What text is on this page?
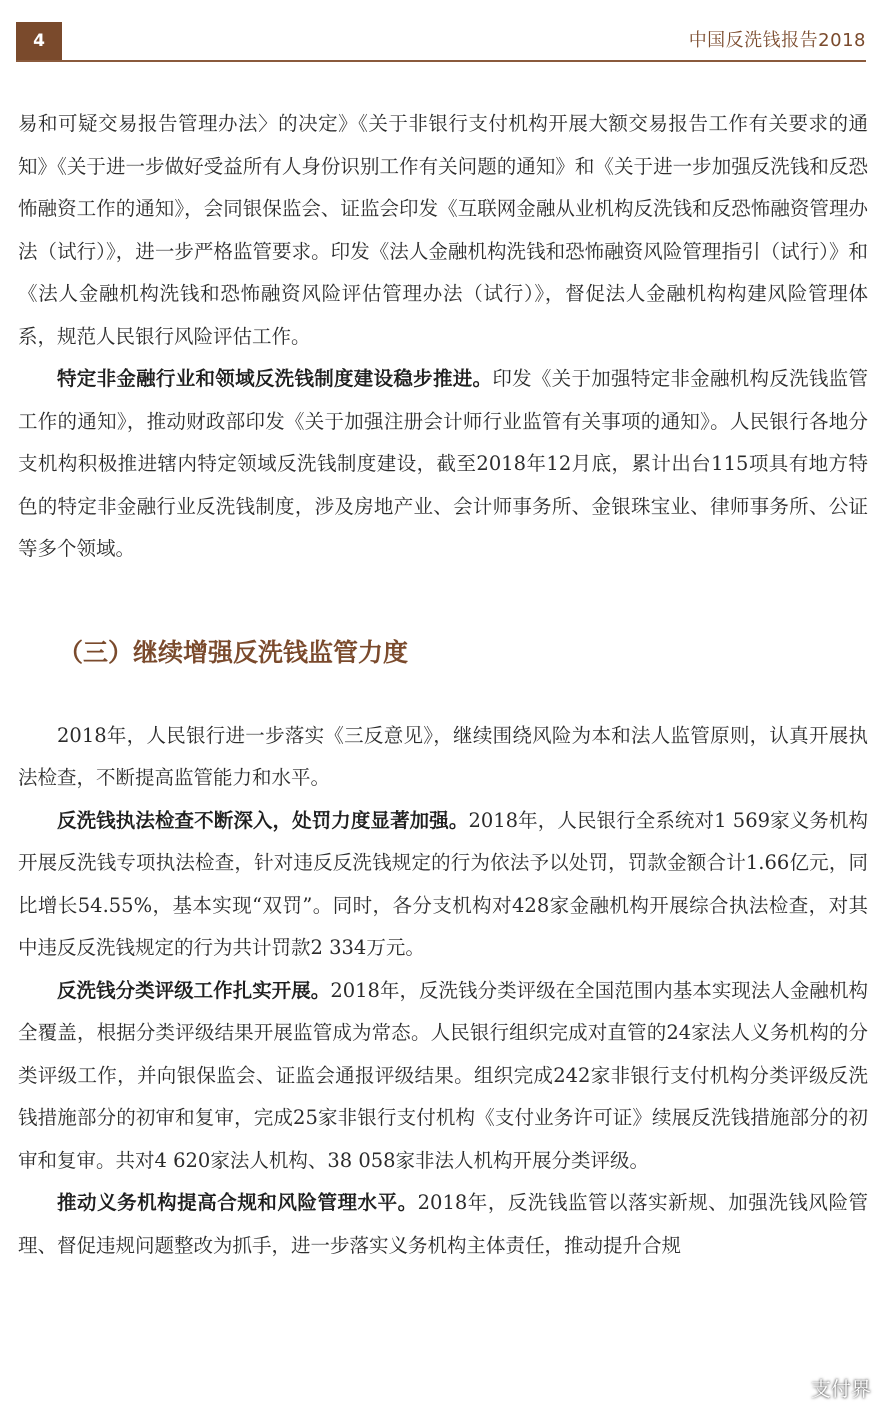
4	中国反洗钱报告2018

易和可疑交易报告管理办法〉的决定》《关于非银行支付机构开展大额交易报告工作有关要求的通知》《关于进一步做好受益所有人身份识别工作有关问题的通知》和《关于进一步加强反洗钱和反恐怖融资工作的通知》，会同银保监会、证监会印发《互联网金融从业机构反洗钱和反恐怖融资管理办法（试行）》，进一步严格监管要求。印发《法人金融机构洗钱和恐怖融资风险管理指引（试行）》和《法人金融机构洗钱和恐怖融资风险评估管理办法（试行）》，督促法人金融机构构建风险管理体系，规范人民银行风险评估工作。

特定非金融行业和领域反洗钱制度建设稳步推进。印发《关于加强特定非金融机构反洗钱监管工作的通知》，推动财政部印发《关于加强注册会计师行业监管有关事项的通知》。人民银行各地分支机构积极推进辖内特定领域反洗钱制度建设，截至2018年12月底，累计出台115项具有地方特色的特定非金融行业反洗钱制度，涉及房地产业、会计师事务所、金银珠宝业、律师事务所、公证等多个领域。

（三）继续增强反洗钱监管力度

2018年，人民银行进一步落实《三反意见》，继续围绕风险为本和法人监管原则，认真开展执法检查，不断提高监管能力和水平。

反洗钱执法检查不断深入，处罚力度显著加强。2018年，人民银行全系统对1 569家义务机构开展反洗钱专项执法检查，针对违反反洗钱规定的行为依法予以处罚，罚款金额合计1.66亿元，同比增长54.55%，基本实现“双罚”。同时，各分支机构对428家金融机构开展综合执法检查，对其中违反反洗钱规定的行为共计罚款2 334万元。

反洗钱分类评级工作扎实开展。2018年，反洗钱分类评级在全国范围内基本实现法人金融机构全覆盖，根据分类评级结果开展监管成为常态。人民银行组织完成对直管的24家法人义务机构的分类评级工作，并向银保监会、证监会通报评级结果。组织完成242家非银行支付机构分类评级反洗钱措施部分的初审和复审，完成25家非银行支付机构《支付业务许可证》续展反洗钱措施部分的初审和复审。共对4 620家法人机构、38 058家非法人机构开展分类评级。

推动义务机构提高合规和风险管理水平。2018年，反洗钱监管以落实新规、加强洗钱风险管理、督促违规问题整改为抓手，进一步落实义务机构主体责任，推动提升合规

支付界
